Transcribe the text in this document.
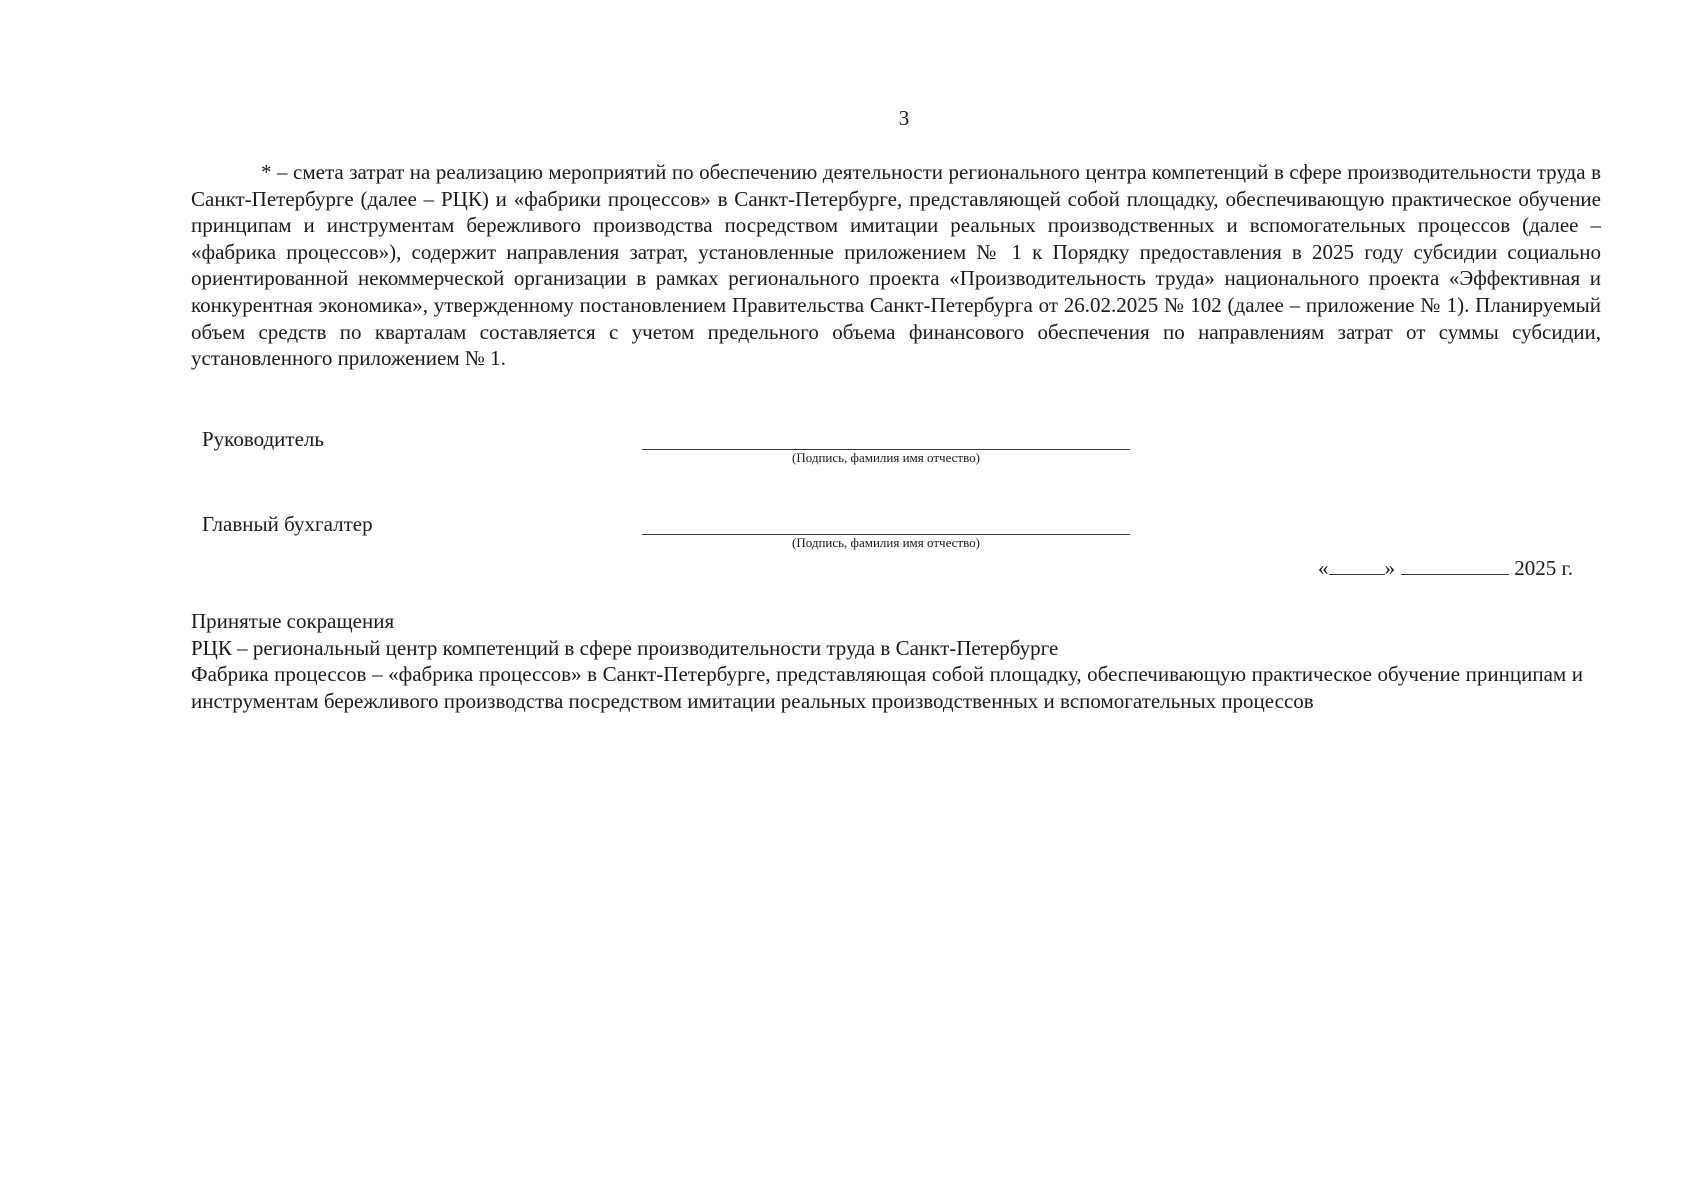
3
* – смета затрат на реализацию мероприятий по обеспечению деятельности регионального центра компетенций в сфере производительности труда в Санкт-Петербурге (далее – РЦК) и «фабрики процессов» в Санкт-Петербурге, представляющей собой площадку, обеспечивающую практическое обучение принципам и инструментам бережливого производства посредством имитации реальных производственных и вспомогательных процессов (далее – «фабрика процессов»), содержит направления затрат, установленные приложением № 1 к Порядку предоставления в 2025 году субсидии социально ориентированной некоммерческой организации в рамках регионального проекта «Производительность труда» национального проекта «Эффективная и конкурентная экономика», утвержденному постановлением Правительства Санкт-Петербурга от 26.02.2025 № 102 (далее – приложение № 1). Планируемый объем средств по кварталам составляется с учетом предельного объема финансового обеспечения по направлениям затрат от суммы субсидии, установленного приложением № 1.
Руководитель
(Подпись, фамилия имя отчество)
Главный бухгалтер
(Подпись, фамилия имя отчество)
«	»	2025 г.

Принятые сокращения

РЦК – региональный центр компетенций в сфере производительности труда в Санкт-Петербурге

Фабрика процессов – «фабрика процессов» в Санкт-Петербурге, представляющая собой площадку, обеспечивающую практическое обучение принципам и инструментам бережливого производства посредством имитации реальных производственных и вспомогательных процессов
